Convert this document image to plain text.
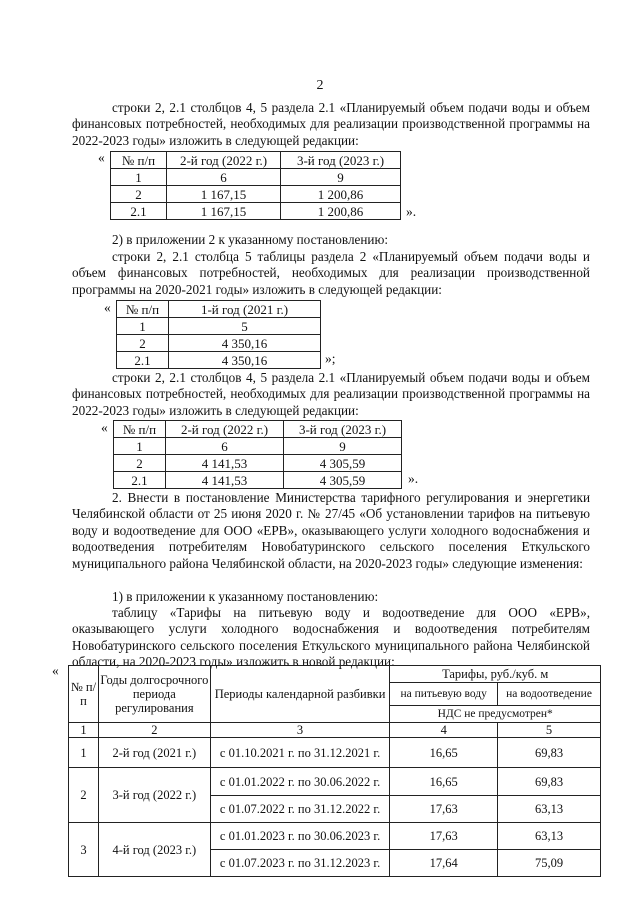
2

строки 2, 2.1 столбцов 4, 5 раздела 2.1 «Планируемый объем подачи воды и объем финансовых потребностей, необходимых для реализации производственной программы на 2022-2023 годы» изложить в следующей редакции:

« № п/п	2-й год (2022 г.)	3-й год (2023 г.)
1	6	9
2	1 167,15	1 200,86
2.1	1 167,15	1 200,86	».

2) в приложении 2 к указанному постановлению:

строки 2, 2.1 столбца 5 таблицы раздела 2 «Планируемый объем подачи воды и объем финансовых потребностей, необходимых для реализации производственной программы на 2020-2021 годы» изложить в следующей редакции:

« № п/п	1-й год (2021 г.)
1	5
2	4 350,16
2.1	4 350,16	»;

строки 2, 2.1 столбцов 4, 5 раздела 2.1 «Планируемый объем подачи воды и объем финансовых потребностей, необходимых для реализации производственной программы на 2022-2023 годы» изложить в следующей редакции:

« № п/п	2-й год (2022 г.)	3-й год (2023 г.)
1	6	9
2	4 141,53	4 305,59
2.1	4 141,53	4 305,59	».

2. Внести в постановление Министерства тарифного регулирования и энергетики Челябинской области от 25 июня 2020 г. № 27/45 «Об установлении тарифов на питьевую воду и водоотведение для ООО «ЕРВ», оказывающего услуги холодного водоснабжения и водоотведения потребителям Новобатуринского сельского поселения Еткульского муниципального района Челябинской области, на 2020-2023 годы» следующие изменения:

1) в приложении к указанному постановлению:

таблицу «Тарифы на питьевую воду и водоотведение для ООО «ЕРВ», оказывающего услуги холодного водоснабжения и водоотведения потребителям Новобатуринского сельского поселения Еткульского муниципального района Челябинской области, на 2020-2023 годы» изложить в новой редакции:

«
№ п/п	Годы долгосрочного периода регулирования	Периоды календарной разбивки	Тарифы, руб./куб. м	
			на питьевую воду	на водоотведение
			НДС не предусмотрен*	
1	2	3	4	5
1	2-й год (2021 г.)	с 01.10.2021 г. по 31.12.2021 г.	16,65	69,83
2	3-й год (2022 г.)	с 01.01.2022 г. по 30.06.2022 г.	16,65	69,83
		с 01.07.2022 г. по 31.12.2022 г.	17,63	63,13
3	4-й год (2023 г.)	с 01.01.2023 г. по 30.06.2023 г.	17,63	63,13
		с 01.07.2023 г. по 31.12.2023 г.	17,64	75,09
